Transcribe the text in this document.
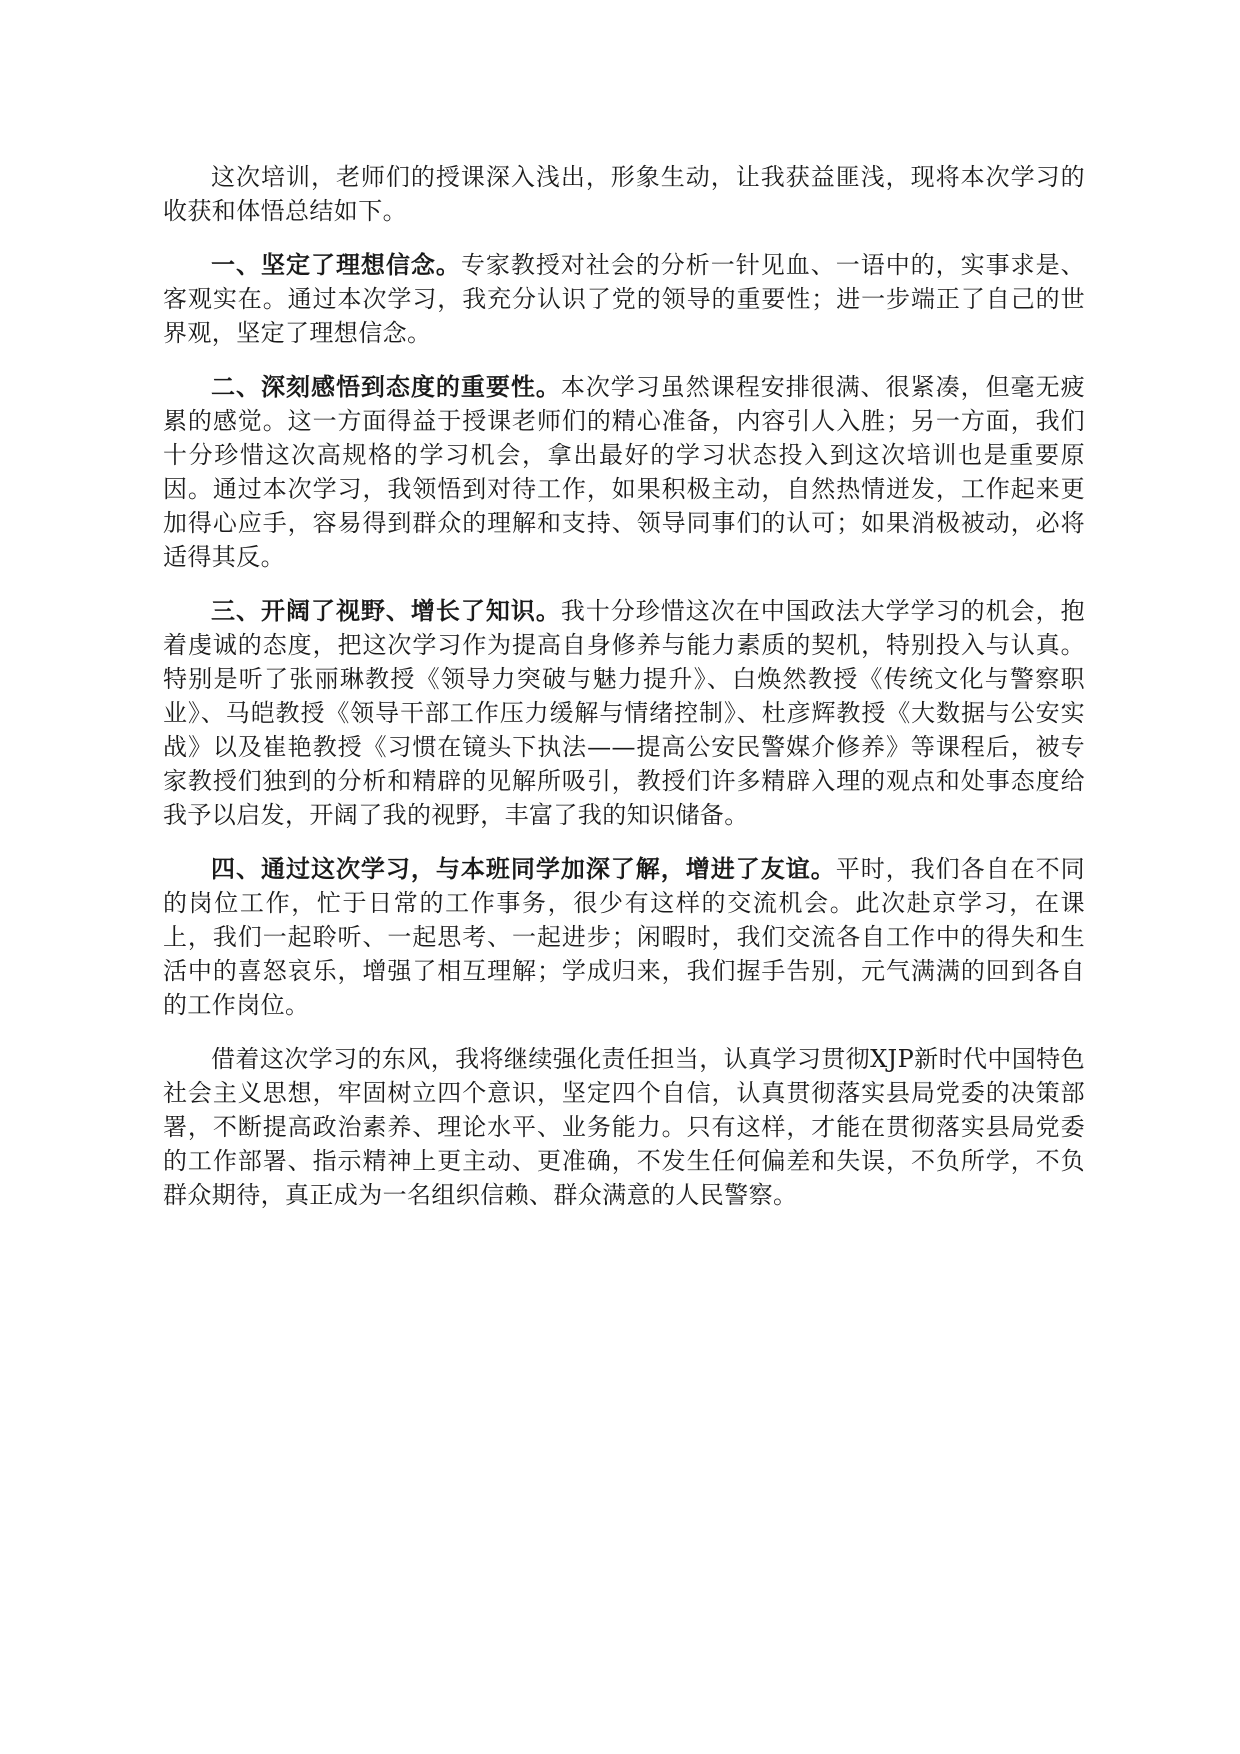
这次培训，老师们的授课深入浅出，形象生动，让我获益匪浅，现将本次学习的收获和体悟总结如下。

一、坚定了理想信念。专家教授对社会的分析一针见血、一语中的，实事求是、客观实在。通过本次学习，我充分认识了党的领导的重要性；进一步端正了自己的世界观，坚定了理想信念。

二、深刻感悟到态度的重要性。本次学习虽然课程安排很满、很紧凑，但毫无疲累的感觉。这一方面得益于授课老师们的精心准备，内容引人入胜；另一方面，我们十分珍惜这次高规格的学习机会，拿出最好的学习状态投入到这次培训也是重要原因。通过本次学习，我领悟到对待工作，如果积极主动，自然热情迸发，工作起来更加得心应手，容易得到群众的理解和支持、领导同事们的认可；如果消极被动，必将适得其反。

三、开阔了视野、增长了知识。我十分珍惜这次在中国政法大学学习的机会，抱着虔诚的态度，把这次学习作为提高自身修养与能力素质的契机，特别投入与认真。特别是听了张丽琳教授《领导力突破与魅力提升》、白焕然教授《传统文化与警察职业》、马皑教授《领导干部工作压力缓解与情绪控制》、杜彦辉教授《大数据与公安实战》以及崔艳教授《习惯在镜头下执法——提高公安民警媒介修养》等课程后，被专家教授们独到的分析和精辟的见解所吸引，教授们许多精辟入理的观点和处事态度给我予以启发，开阔了我的视野，丰富了我的知识储备。

四、通过这次学习，与本班同学加深了解，增进了友谊。平时，我们各自在不同的岗位工作，忙于日常的工作事务，很少有这样的交流机会。此次赴京学习，在课上，我们一起聆听、一起思考、一起进步；闲暇时，我们交流各自工作中的得失和生活中的喜怒哀乐，增强了相互理解；学成归来，我们握手告别，元气满满的回到各自的工作岗位。

借着这次学习的东风，我将继续强化责任担当，认真学习贯彻XJP新时代中国特色社会主义思想，牢固树立四个意识，坚定四个自信，认真贯彻落实县局党委的决策部署，不断提高政治素养、理论水平、业务能力。只有这样，才能在贯彻落实县局党委的工作部署、指示精神上更主动、更准确，不发生任何偏差和失误，不负所学，不负群众期待，真正成为一名组织信赖、群众满意的人民警察。
